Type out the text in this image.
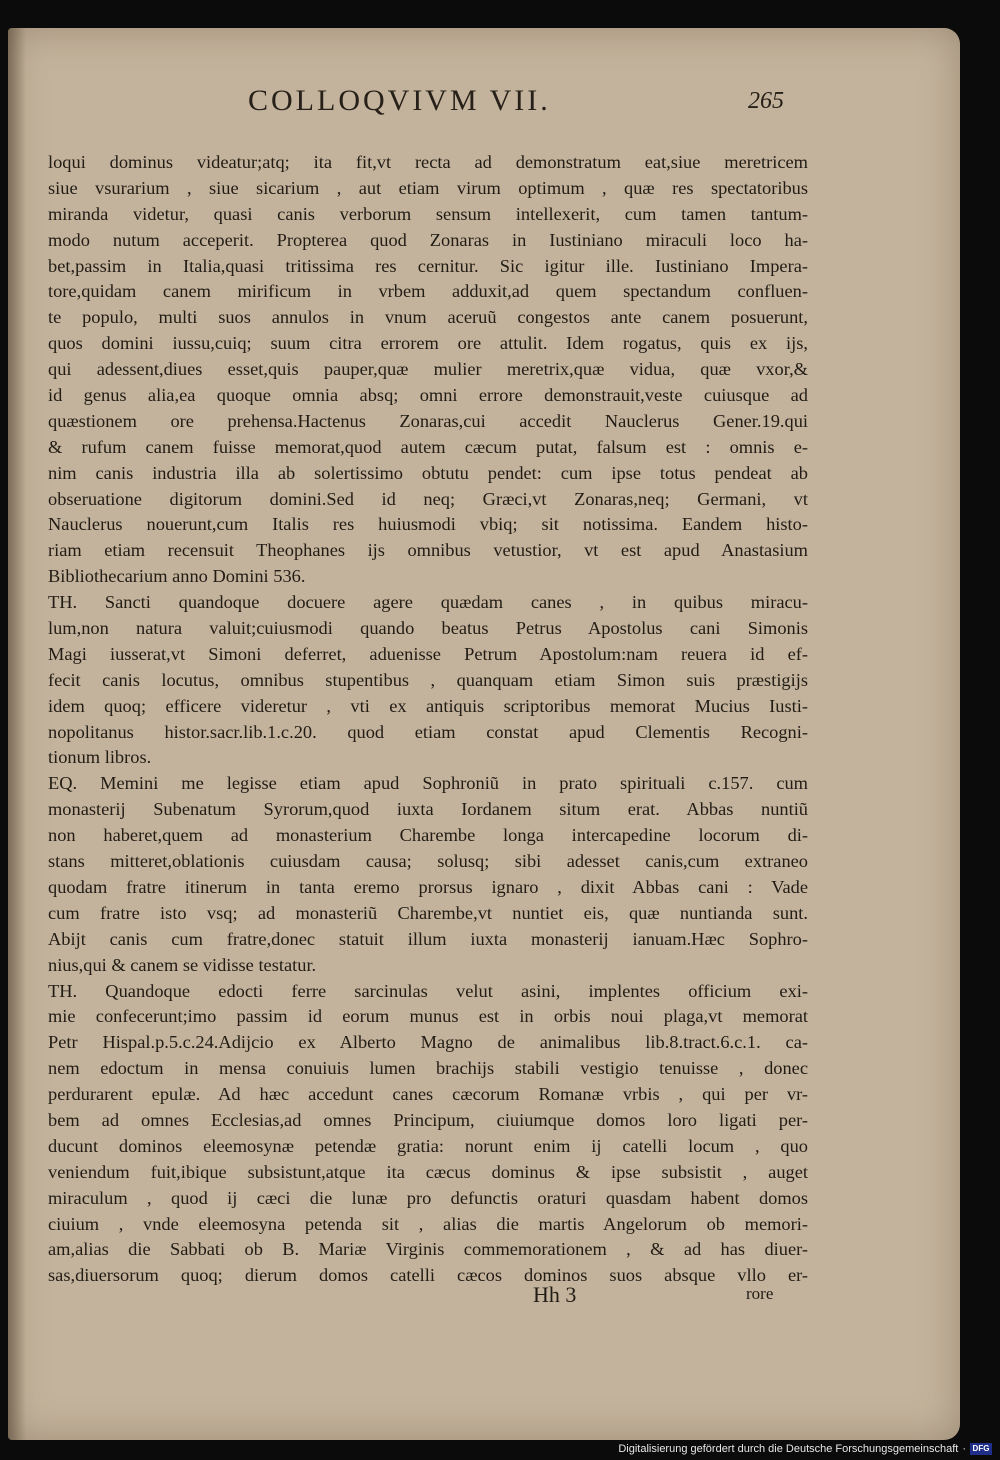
COLLOQVIVM VII.	265
loqui dominus videatur;atq; ita fit,vt recta ad demonstratum eat,siue meretricem
siue vsurarium , siue sicarium , aut etiam virum optimum , quæ res spectatoribus
miranda videtur, quasi canis verborum sensum intellexerit, cum tamen tantum-
modo nutum acceperit. Propterea quod Zonaras in Iustiniano miraculi loco ha-
bet,passim in Italia,quasi tritissima res cernitur. Sic igitur ille. Iustiniano Impera-
tore,quidam canem mirificum in vrbem adduxit,ad quem spectandum confluen-
te populo, multi suos annulos in vnum aceruũ congestos ante canem posuerunt,
quos domini iussu,cuiq; suum citra errorem ore attulit. Idem rogatus, quis ex ijs,
qui adessent,diues esset,quis pauper,quæ mulier meretrix,quæ vidua, quæ vxor,&
id genus alia,ea quoque omnia absq; omni errore demonstrauit,veste cuiusque ad
quæstionem ore prehensa.Hactenus Zonaras,cui accedit Nauclerus Gener.19.qui
& rufum canem fuisse memorat,quod autem cæcum putat, falsum est : omnis e-
nim canis industria illa ab solertissimo obtutu pendet: cum ipse totus pendeat ab
obseruatione digitorum domini.Sed id neq; Græci,vt Zonaras,neq; Germani, vt
Nauclerus nouerunt,cum Italis res huiusmodi vbiq; sit notissima. Eandem histo-
riam etiam recensuit Theophanes ijs omnibus vetustior, vt est apud Anastasium
Bibliothecarium anno Domini 536.
TH. Sancti quandoque docuere agere quædam canes , in quibus miracu-
lum,non natura valuit;cuiusmodi quando beatus Petrus Apostolus cani Simonis
Magi iusserat,vt Simoni deferret, aduenisse Petrum Apostolum:nam reuera id ef-
fecit canis locutus, omnibus stupentibus , quanquam etiam Simon suis præstigijs
idem quoq; efficere videretur , vti ex antiquis scriptoribus memorat Mucius Iusti-
nopolitanus histor.sacr.lib.1.c.20. quod etiam constat apud Clementis Recogni-
tionum libros.
EQ. Memini me legisse etiam apud Sophroniũ in prato spirituali c.157. cum
monasterij Subenatum Syrorum,quod iuxta Iordanem situm erat. Abbas nuntiũ
non haberet,quem ad monasterium Charembe longa intercapedine locorum di-
stans mitteret,oblationis cuiusdam causa; solusq; sibi adesset canis,cum extraneo
quodam fratre itinerum in tanta eremo prorsus ignaro , dixit Abbas cani : Vade
cum fratre isto vsq; ad monasteriũ Charembe,vt nuntiet eis, quæ nuntianda sunt.
Abijt canis cum fratre,donec statuit illum iuxta monasterij ianuam.Hæc Sophro-
nius,qui & canem se vidisse testatur.
TH. Quandoque edocti ferre sarcinulas velut asini, implentes officium exi-
mie confecerunt;imo passim id eorum munus est in orbis noui plaga,vt memorat
Petr Hispal.p.5.c.24.Adijcio ex Alberto Magno de animalibus lib.8.tract.6.c.1. ca-
nem edoctum in mensa conuiuis lumen brachijs stabili vestigio tenuisse , donec
perdurarent epulæ. Ad hæc accedunt canes cæcorum Romanæ vrbis , qui per vr-
bem ad omnes Ecclesias,ad omnes Principum, ciuiumque domos loro ligati per-
ducunt dominos eleemosynæ petendæ gratia: norunt enim ij catelli locum , quo
veniendum fuit,ibique subsistunt,atque ita cæcus dominus & ipse subsistit , auget
miraculum , quod ij cæci die lunæ pro defunctis oraturi quasdam habent domos
ciuium , vnde eleemosyna petenda sit , alias die martis Angelorum ob memori-
am,alias die Sabbati ob B. Mariæ Virginis commemorationem , & ad has diuer-
sas,diuersorum quoq; dierum domos catelli cæcos dominos suos absque vllo er-
Hh 3	rore
Digitalisierung gefördert durch die Deutsche Forschungsgemeinschaft · DFG
